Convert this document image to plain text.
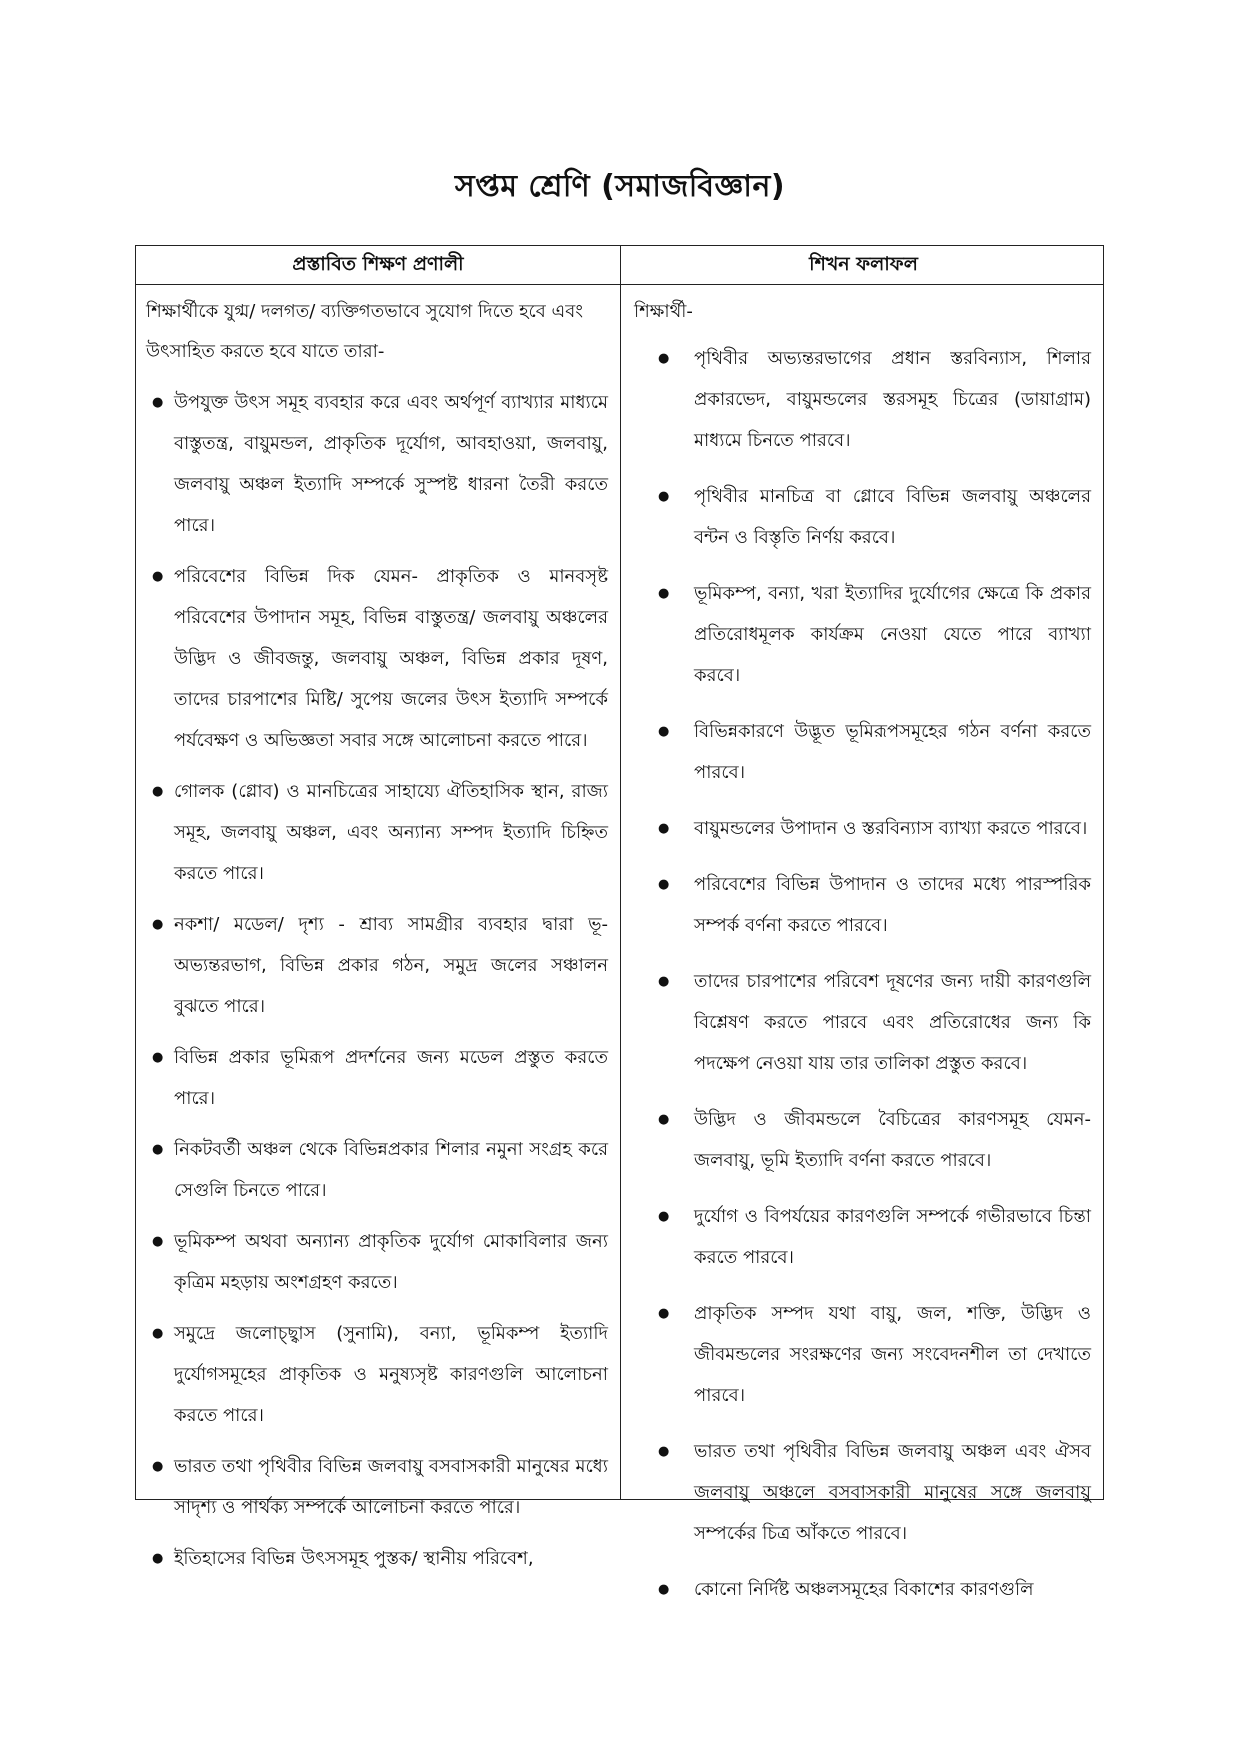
সপ্তম শ্রেণি (সমাজবিজ্ঞান)
প্রস্তাবিত শিক্ষণ প্রণালী	শিখন ফলাফল

শিক্ষার্থীকে যুগ্ম/ দলগত/ ব্যক্তিগতভাবে সুযোগ দিতে হবে এবং উৎসাহিত করতে হবে যাতে তারা-

● উপযুক্ত উৎস সমূহ ব্যবহার করে এবং অর্থপূর্ণ ব্যাখ্যার মাধ্যমে বাস্তুতন্ত্র, বায়ুমন্ডল, প্রাকৃতিক দূর্যোগ, আবহাওয়া, জলবায়ু, জলবায়ু অঞ্চল ইত্যাদি সম্পর্কে সুস্পষ্ট ধারনা তৈরী করতে পারে।
● পরিবেশের বিভিন্ন দিক যেমন- প্রাকৃতিক ও মানবসৃষ্ট পরিবেশের উপাদান সমূহ, বিভিন্ন বাস্তুতন্ত্র/ জলবায়ু অঞ্চলের উদ্ভিদ ও জীবজন্তু, জলবায়ু অঞ্চল, বিভিন্ন প্রকার দূষণ, তাদের চারপাশের মিষ্টি/ সুপেয় জলের উৎস ইত্যাদি সম্পর্কে পর্যবেক্ষণ ও অভিজ্ঞতা সবার সঙ্গে আলোচনা করতে পারে।
● গোলক (গ্লোব) ও মানচিত্রের সাহায্যে ঐতিহাসিক স্থান, রাজ্য সমূহ, জলবায়ু অঞ্চল, এবং অন্যান্য সম্পদ ইত্যাদি চিহ্নিত করতে পারে।
● নকশা/ মডেল/ দৃশ্য - শ্রাব্য সামগ্রীর ব্যবহার দ্বারা ভূ-অভ্যন্তরভাগ, বিভিন্ন প্রকার গঠন, সমুদ্র জলের সঞ্চালন বুঝতে পারে।
● বিভিন্ন প্রকার ভূমিরূপ প্রদর্শনের জন্য মডেল প্রস্তুত করতে পারে।
● নিকটবর্তী অঞ্চল থেকে বিভিন্নপ্রকার শিলার নমুনা সংগ্রহ করে সেগুলি চিনতে পারে।
● ভূমিকম্প অথবা অন্যান্য প্রাকৃতিক দুর্যোগ মোকাবিলার জন্য কৃত্রিম মহড়ায় অংশগ্রহণ করতে।
● সমুদ্রে জলোচ্ছ্বাস (সুনামি), বন্যা, ভূমিকম্প ইত্যাদি দুর্যোগসমূহের প্রাকৃতিক ও মনুষ্যসৃষ্ট কারণগুলি আলোচনা করতে পারে।
● ভারত তথা পৃথিবীর বিভিন্ন জলবায়ু বসবাসকারী মানুষের মধ্যে সাদৃশ্য ও পার্থক্য সম্পর্কে আলোচনা করতে পারে।
● ইতিহাসের বিভিন্ন উৎসসমূহ পুস্তক/ স্থানীয় পরিবেশ,

শিক্ষার্থী-

● পৃথিবীর অভ্যন্তরভাগের প্রধান স্তরবিন্যাস, শিলার প্রকারভেদ, বায়ুমন্ডলের স্তরসমূহ চিত্রের (ডায়াগ্রাম) মাধ্যমে চিনতে পারবে।
● পৃথিবীর মানচিত্র বা গ্লোবে বিভিন্ন জলবায়ু অঞ্চলের বন্টন ও বিস্তৃতি নির্ণয় করবে।
● ভূমিকম্প, বন্যা, খরা ইত্যাদির দুর্যোগের ক্ষেত্রে কি প্রকার প্রতিরোধমূলক কার্যক্রম নেওয়া যেতে পারে ব্যাখ্যা করবে।
● বিভিন্নকারণে উদ্ভূত ভূমিরূপসমূহের গঠন বর্ণনা করতে পারবে।
● বায়ুমন্ডলের উপাদান ও স্তরবিন্যাস ব্যাখ্যা করতে পারবে।
● পরিবেশের বিভিন্ন উপাদান ও তাদের মধ্যে পারস্পরিক সম্পর্ক বর্ণনা করতে পারবে।
● তাদের চারপাশের পরিবেশ দূষণের জন্য দায়ী কারণগুলি বিশ্লেষণ করতে পারবে এবং প্রতিরোধের জন্য কি পদক্ষেপ নেওয়া যায় তার তালিকা প্রস্তুত করবে।
● উদ্ভিদ ও জীবমন্ডলে বৈচিত্রের কারণসমূহ যেমন- জলবায়ু, ভূমি ইত্যাদি বর্ণনা করতে পারবে।
● দুর্যোগ ও বিপর্যয়ের কারণগুলি সম্পর্কে গভীরভাবে চিন্তা করতে পারবে।
● প্রাকৃতিক সম্পদ যথা বায়ু, জল, শক্তি, উদ্ভিদ ও জীবমন্ডলের সংরক্ষণের জন্য সংবেদনশীল তা দেখাতে পারবে।
● ভারত তথা পৃথিবীর বিভিন্ন জলবায়ু অঞ্চল এবং ঐসব জলবায়ু অঞ্চলে বসবাসকারী মানুষের সঙ্গে জলবায়ু সম্পর্কের চিত্র আঁকতে পারবে।
● কোনো নির্দিষ্ট অঞ্চলসমূহের বিকাশের কারণগুলি
